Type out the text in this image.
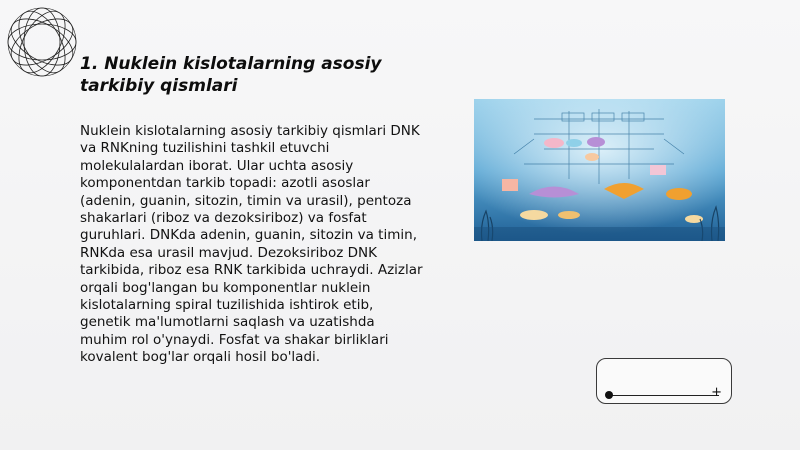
1. Nuklein kislotalarning asosiy tarkibiy qismlari
Nuklein kislotalarning asosiy tarkibiy qismlari DNK va RNKning tuzilishini tashkil etuvchi molekulalardan iborat. Ular uchta asosiy komponentdan tarkib topadi: azotli asoslar (adenin, guanin, sitozin, timin va urasil), pentoza shakarlari (riboz va dezoksiriboz) va fosfat guruhlari. DNKda adenin, guanin, sitozin va timin, RNKda esa urasil mavjud. Dezoksiriboz DNK tarkibida, riboz esa RNK tarkibida uchraydi. Azizlar orqali bog'langan bu komponentlar nuklein kislotalarning spiral tuzilishida ishtirok etib, genetik ma'lumotlarni saqlash va uzatishda muhim rol o'ynaydi. Fosfat va shakar birliklari kovalent bog'lar orqali hosil bo'ladi.
+
